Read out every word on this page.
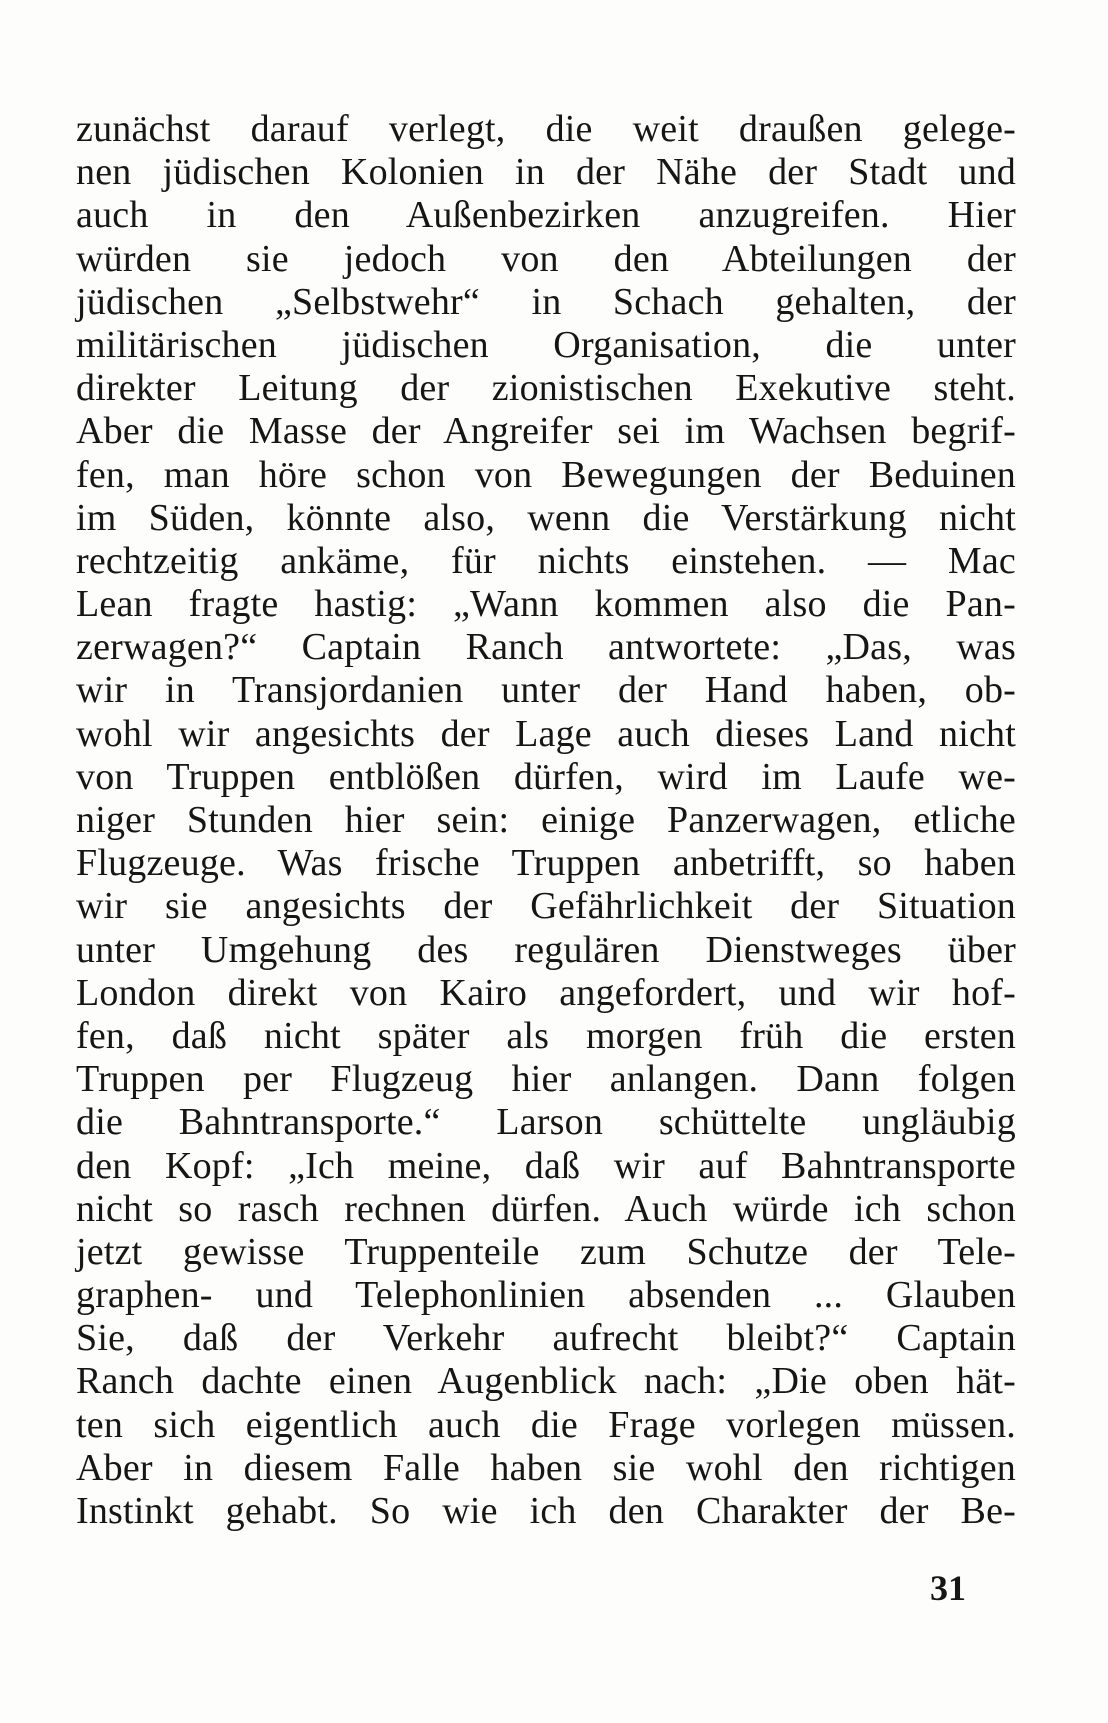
zunächst darauf verlegt, die weit draußen gelege-
nen jüdischen Kolonien in der Nähe der Stadt und
auch in den Außenbezirken anzugreifen. Hier
würden sie jedoch von den Abteilungen der
jüdischen „Selbstwehr“ in Schach gehalten, der
militärischen jüdischen Organisation, die unter
direkter Leitung der zionistischen Exekutive steht.
Aber die Masse der Angreifer sei im Wachsen begrif-
fen, man höre schon von Bewegungen der Beduinen
im Süden, könnte also, wenn die Verstärkung nicht
rechtzeitig ankäme, für nichts einstehen. — Mac
Lean fragte hastig: „Wann kommen also die Pan-
zerwagen?“ Captain Ranch antwortete: „Das, was
wir in Transjordanien unter der Hand haben, ob-
wohl wir angesichts der Lage auch dieses Land nicht
von Truppen entblößen dürfen, wird im Laufe we-
niger Stunden hier sein: einige Panzerwagen, etliche
Flugzeuge. Was frische Truppen anbetrifft, so haben
wir sie angesichts der Gefährlichkeit der Situation
unter Umgehung des regulären Dienstweges über
London direkt von Kairo angefordert, und wir hof-
fen, daß nicht später als morgen früh die ersten
Truppen per Flugzeug hier anlangen. Dann folgen
die Bahntransporte.“ Larson schüttelte ungläubig
den Kopf: „Ich meine, daß wir auf Bahntransporte
nicht so rasch rechnen dürfen. Auch würde ich schon
jetzt gewisse Truppenteile zum Schutze der Tele-
graphen- und Telephonlinien absenden ... Glauben
Sie, daß der Verkehr aufrecht bleibt?“ Captain
Ranch dachte einen Augenblick nach: „Die oben hät-
ten sich eigentlich auch die Frage vorlegen müssen.
Aber in diesem Falle haben sie wohl den richtigen
Instinkt gehabt. So wie ich den Charakter der Be-
31
